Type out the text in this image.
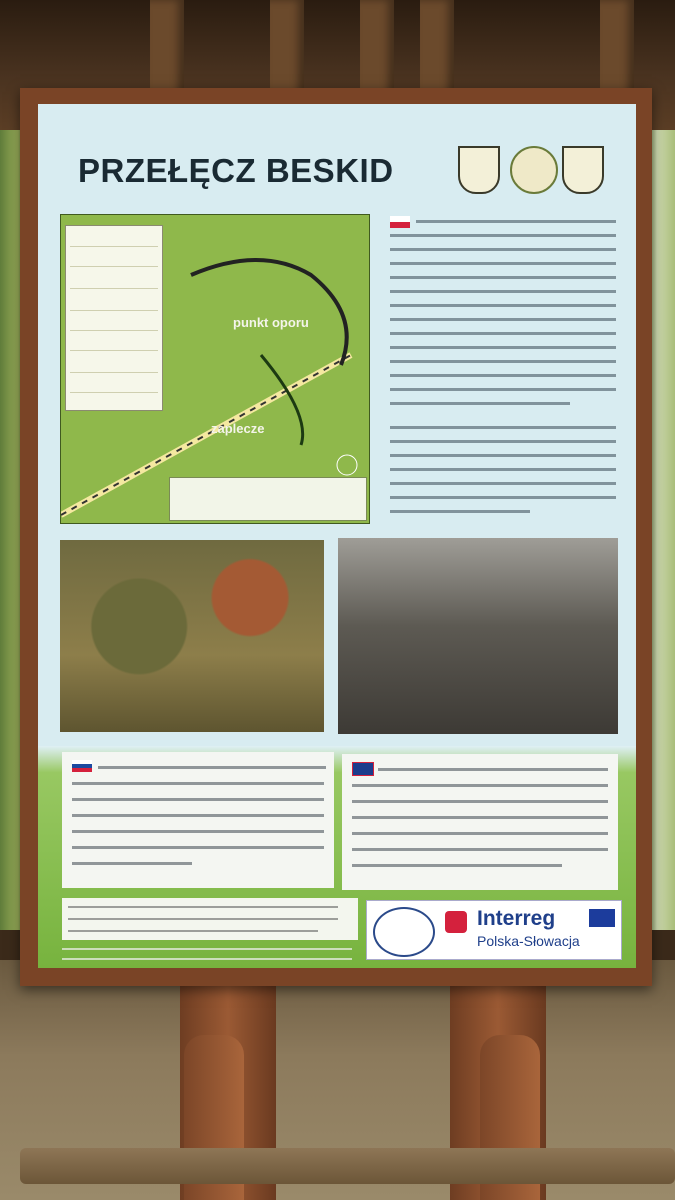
PRZEŁĘCZ BESKID
punkt oporu
zaplecze
Interreg
Polska-Słowacja
